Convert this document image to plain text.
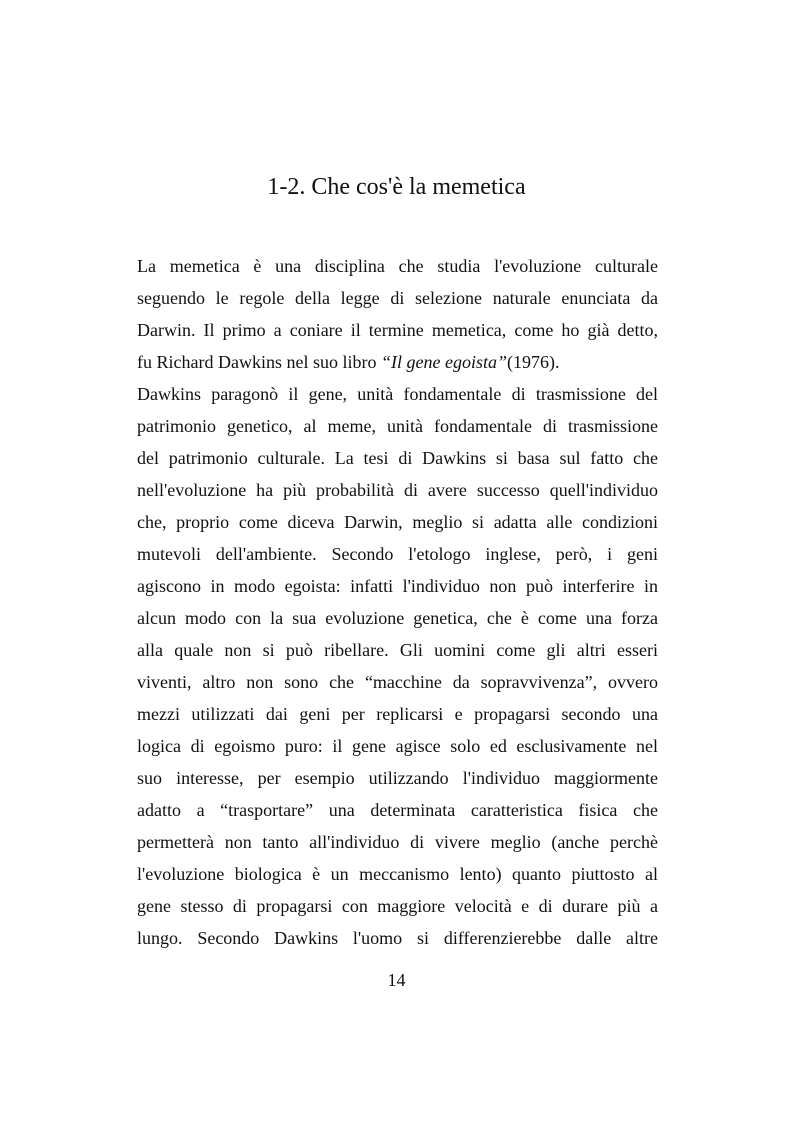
1-2. Che cos'è la memetica
La memetica è una disciplina che studia l'evoluzione culturale
seguendo le regole della legge di selezione naturale enunciata da
Darwin. Il primo a coniare il termine memetica, come ho già detto,
fu Richard Dawkins nel suo libro “Il gene egoista”(1976).
Dawkins paragonò il gene, unità fondamentale di trasmissione del
patrimonio genetico, al meme, unità fondamentale di trasmissione
del patrimonio culturale. La tesi di Dawkins si basa sul fatto che
nell'evoluzione ha più probabilità di avere successo quell'individuo
che, proprio come diceva Darwin, meglio si adatta alle condizioni
mutevoli dell'ambiente. Secondo l'etologo inglese, però, i geni
agiscono in modo egoista: infatti l'individuo non può interferire in
alcun modo con la sua evoluzione genetica, che è come una forza
alla quale non si può ribellare. Gli uomini come gli altri esseri
viventi, altro non sono che “macchine da sopravvivenza”, ovvero
mezzi utilizzati dai geni per replicarsi e propagarsi secondo una
logica di egoismo puro: il gene agisce solo ed esclusivamente nel
suo interesse, per esempio utilizzando l'individuo maggiormente
adatto a “trasportare” una determinata caratteristica fisica che
permetterà non tanto all'individuo di vivere meglio (anche perchè
l'evoluzione biologica è un meccanismo lento) quanto piuttosto al
gene stesso di propagarsi con maggiore velocità e di durare più a
lungo. Secondo Dawkins l'uomo si differenzierebbe dalle altre
14
